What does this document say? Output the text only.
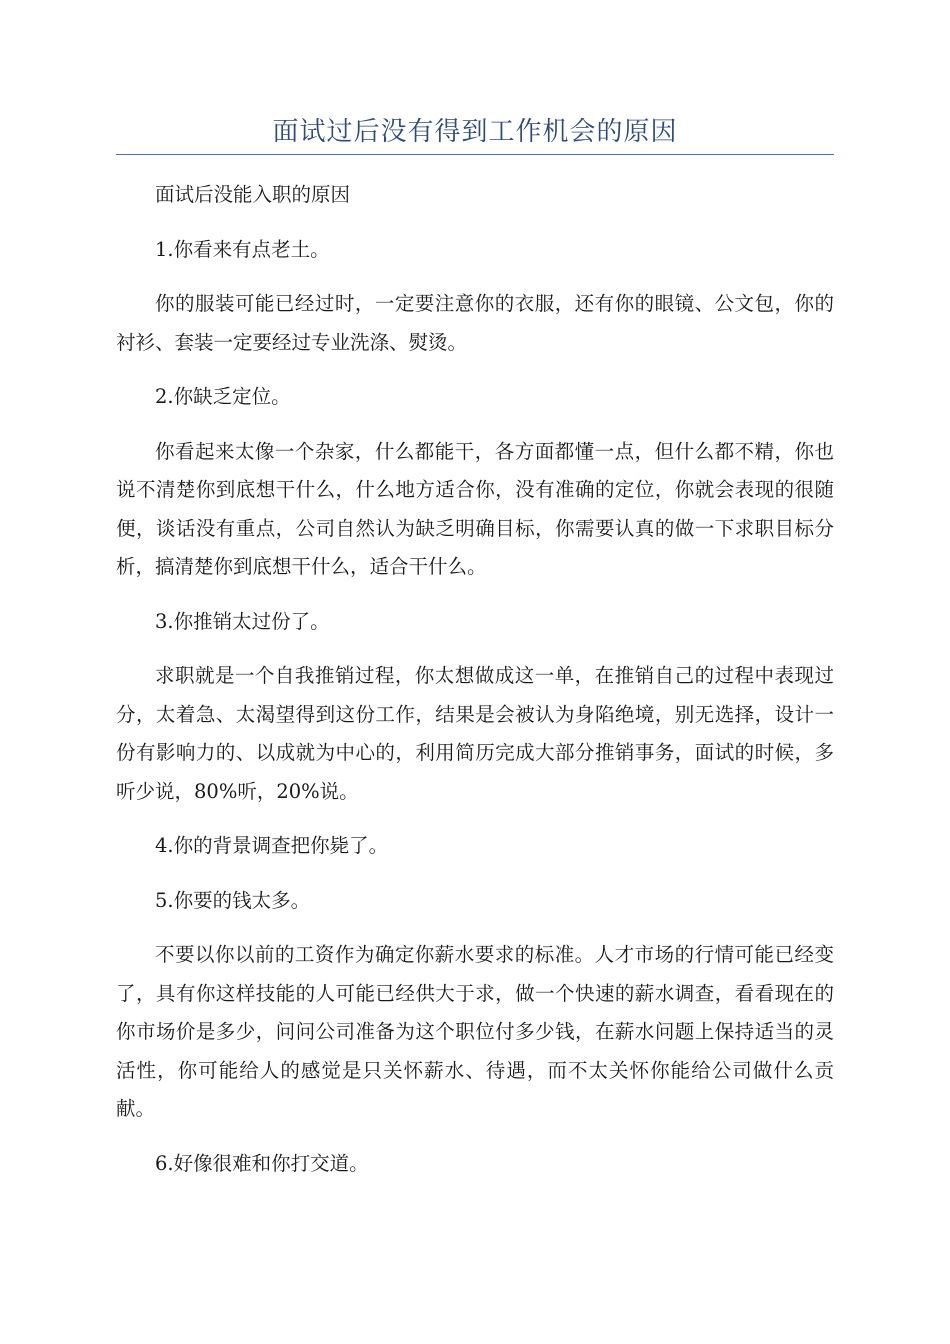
面试过后没有得到工作机会的原因

面试后没能入职的原因

1.你看来有点老土。

你的服装可能已经过时，一定要注意你的衣服，还有你的眼镜、公文包，你的衬衫、套装一定要经过专业洗涤、熨烫。

2.你缺乏定位。

你看起来太像一个杂家，什么都能干，各方面都懂一点，但什么都不精，你也说不清楚你到底想干什么，什么地方适合你，没有准确的定位，你就会表现的很随便，谈话没有重点，公司自然认为缺乏明确目标，你需要认真的做一下求职目标分析，搞清楚你到底想干什么，适合干什么。

3.你推销太过份了。

求职就是一个自我推销过程，你太想做成这一单，在推销自己的过程中表现过分，太着急、太渴望得到这份工作，结果是会被认为身陷绝境，别无选择，设计一份有影响力的、以成就为中心的，利用简历完成大部分推销事务，面试的时候，多听少说，80%听，20%说。

4.你的背景调查把你毙了。

5.你要的钱太多。

不要以你以前的工资作为确定你薪水要求的标准。人才市场的行情可能已经变了，具有你这样技能的人可能已经供大于求，做一个快速的薪水调查，看看现在的你市场价是多少，问问公司准备为这个职位付多少钱，在薪水问题上保持适当的灵活性，你可能给人的感觉是只关怀薪水、待遇，而不太关怀你能给公司做什么贡献。

6.好像很难和你打交道。
